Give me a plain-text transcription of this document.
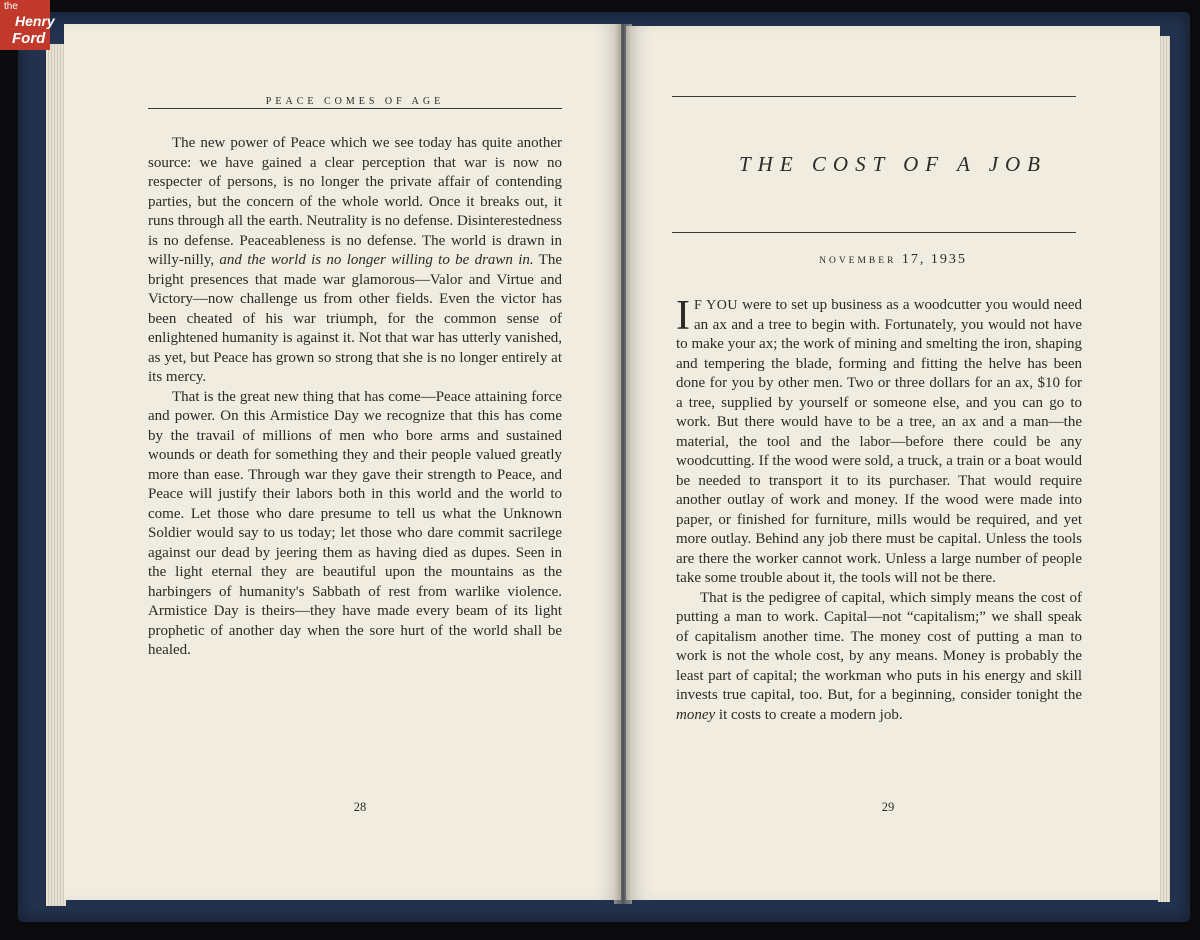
the
Henry
Ford
PEACE COMES OF AGE

The new power of Peace which we see today has quite another source: we have gained a clear perception that war is now no respecter of persons, is no longer the private affair of contending parties, but the concern of the whole world. Once it breaks out, it runs through all the earth. Neutrality is no defense. Disinterestedness is no defense. Peaceableness is no defense. The world is drawn in willy-nilly, and the world is no longer willing to be drawn in. The bright presences that made war glamorous—Valor and Virtue and Victory—now challenge us from other fields. Even the victor has been cheated of his war triumph, for the common sense of enlightened humanity is against it. Not that war has utterly vanished, as yet, but Peace has grown so strong that she is no longer entirely at its mercy.

That is the great new thing that has come—Peace attaining force and power. On this Armistice Day we recognize that this has come by the travail of millions of men who bore arms and sustained wounds or death for something they and their people valued greatly more than ease. Through war they gave their strength to Peace, and Peace will justify their labors both in this world and the world to come. Let those who dare presume to tell us what the Unknown Soldier would say to us today; let those who dare commit sacrilege against our dead by jeering them as having died as dupes. Seen in the light eternal they are beautiful upon the mountains as the harbingers of humanity's Sabbath of rest from warlike violence. Armistice Day is theirs—they have made every beam of its light prophetic of another day when the sore hurt of the world shall be healed.

28
THE COST OF A JOB
NOVEMBER 17, 1935

I F YOU were to set up business as a woodcutter you would need an ax and a tree to begin with. Fortunately, you would not have to make your ax; the work of mining and smelting the iron, shaping and tempering the blade, forming and fitting the helve has been done for you by other men. Two or three dollars for an ax, $10 for a tree, supplied by yourself or someone else, and you can go to work. But there would have to be a tree, an ax and a man—the material, the tool and the labor—before there could be any woodcutting. If the wood were sold, a truck, a train or a boat would be needed to transport it to its purchaser. That would require another outlay of work and money. If the wood were made into paper, or finished for furniture, mills would be required, and yet more outlay. Behind any job there must be capital. Unless the tools are there the worker cannot work. Unless a large number of people take some trouble about it, the tools will not be there.

That is the pedigree of capital, which simply means the cost of putting a man to work. Capital—not “capitalism;” we shall speak of capitalism another time. The money cost of putting a man to work is not the whole cost, by any means. Money is probably the least part of capital; the workman who puts in his energy and skill invests true capital, too. But, for a beginning, consider tonight the money it costs to create a modern job.

29
